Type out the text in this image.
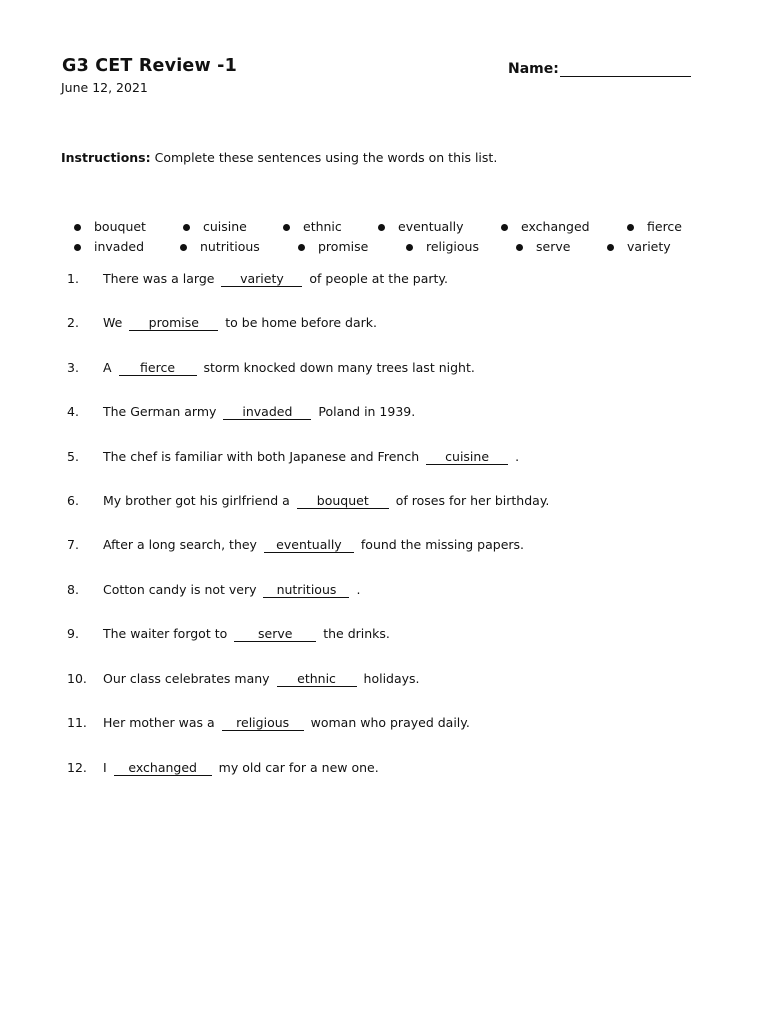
G3 CET Review -1
June 12, 2021
Name:
Instructions: Complete these sentences using the words on this list.
bouquet	cuisine	ethnic	eventually	exchanged	fierce
invaded	nutritious	promise	religious	serve	variety
1. There was a large variety of people at the party.
2. We promise to be home before dark.
3. A fierce storm knocked down many trees last night.
4. The German army invaded Poland in 1939.
5. The chef is familiar with both Japanese and French cuisine .
6. My brother got his girlfriend a bouquet of roses for her birthday.
7. After a long search, they eventually found the missing papers.
8. Cotton candy is not very nutritious .
9. The waiter forgot to serve the drinks.
10. Our class celebrates many ethnic holidays.
11. Her mother was a religious woman who prayed daily.
12. I exchanged my old car for a new one.
